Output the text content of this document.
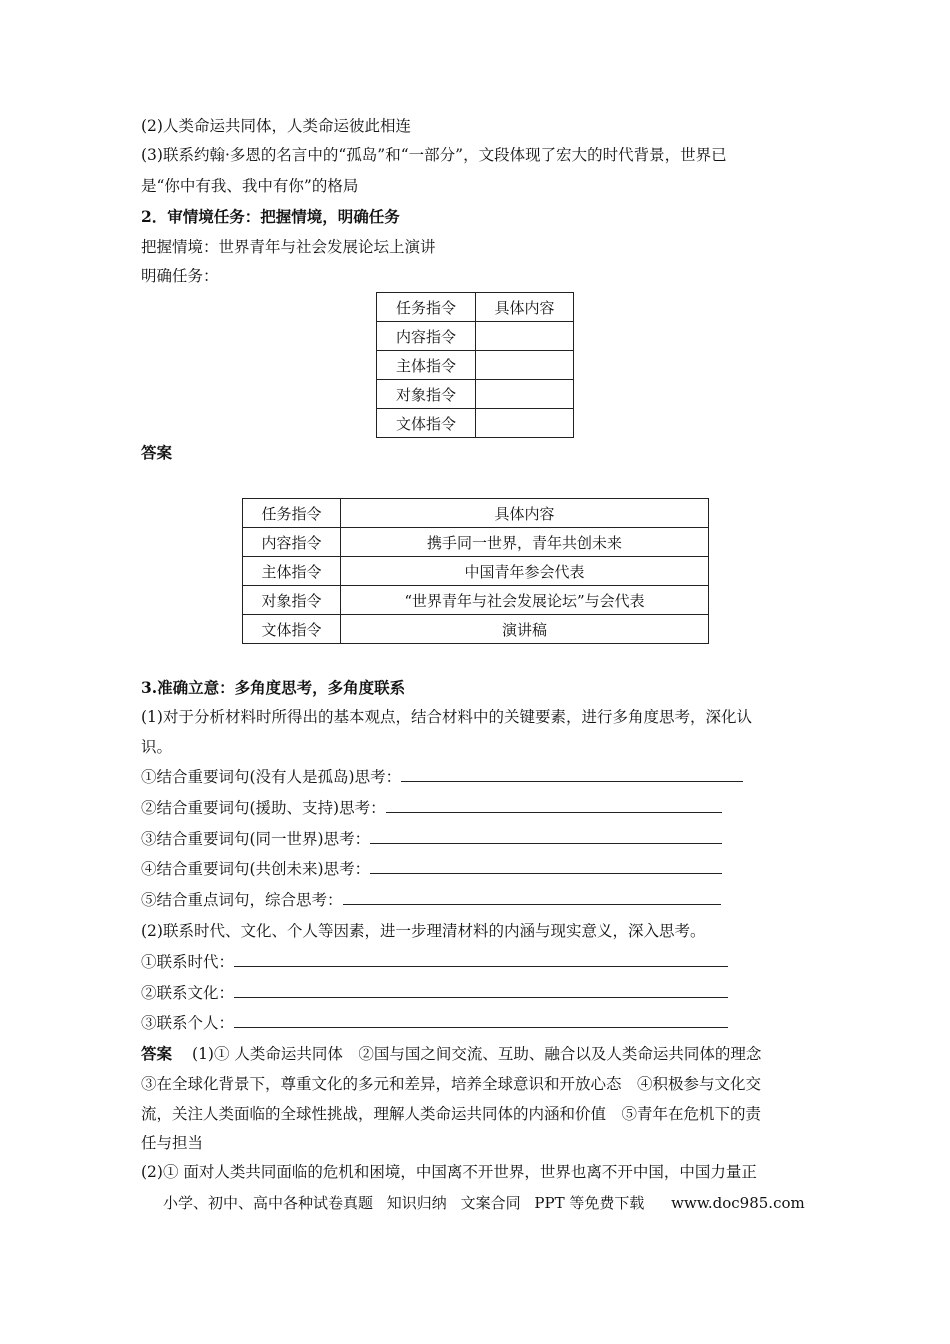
(2)人类命运共同体，人类命运彼此相连
(3)联系约翰·多恩的名言中的“孤岛”和“一部分”，文段体现了宏大的时代背景，世界已
是“你中有我、我中有你”的格局
2．审情境任务：把握情境，明确任务
把握情境：世界青年与社会发展论坛上演讲
明确任务：
任务指令	具体内容
内容指令	
主体指令	
对象指令	
文体指令	
答案
任务指令	具体内容
内容指令	携手同一世界，青年共创未来
主体指令	中国青年参会代表
对象指令	“世界青年与社会发展论坛”与会代表
文体指令	演讲稿
3.准确立意：多角度思考，多角度联系
(1)对于分析材料时所得出的基本观点，结合材料中的关键要素，进行多角度思考，深化认
识。
①结合重要词句(没有人是孤岛)思考：
②结合重要词句(援助、支持)思考：
③结合重要词句(同一世界)思考：
④结合重要词句(共创未来)思考：
⑤结合重点词句，综合思考：
(2)联系时代、文化、个人等因素，进一步理清材料的内涵与现实意义，深入思考。
①联系时代：
②联系文化：
③联系个人：
答案 (1)① 人类命运共同体　②国与国之间交流、互助、融合以及人类命运共同体的理念
③在全球化背景下，尊重文化的多元和差异，培养全球意识和开放心态　④积极参与文化交
流，关注人类面临的全球性挑战，理解人类命运共同体的内涵和价值　⑤青年在危机下的责
任与担当
(2)① 面对人类共同面临的危机和困境，中国离不开世界，世界也离不开中国，中国力量正
小学、初中、高中各种试卷真题 知识归纳 文案合同 PPT 等免费下载 www.doc985.com
